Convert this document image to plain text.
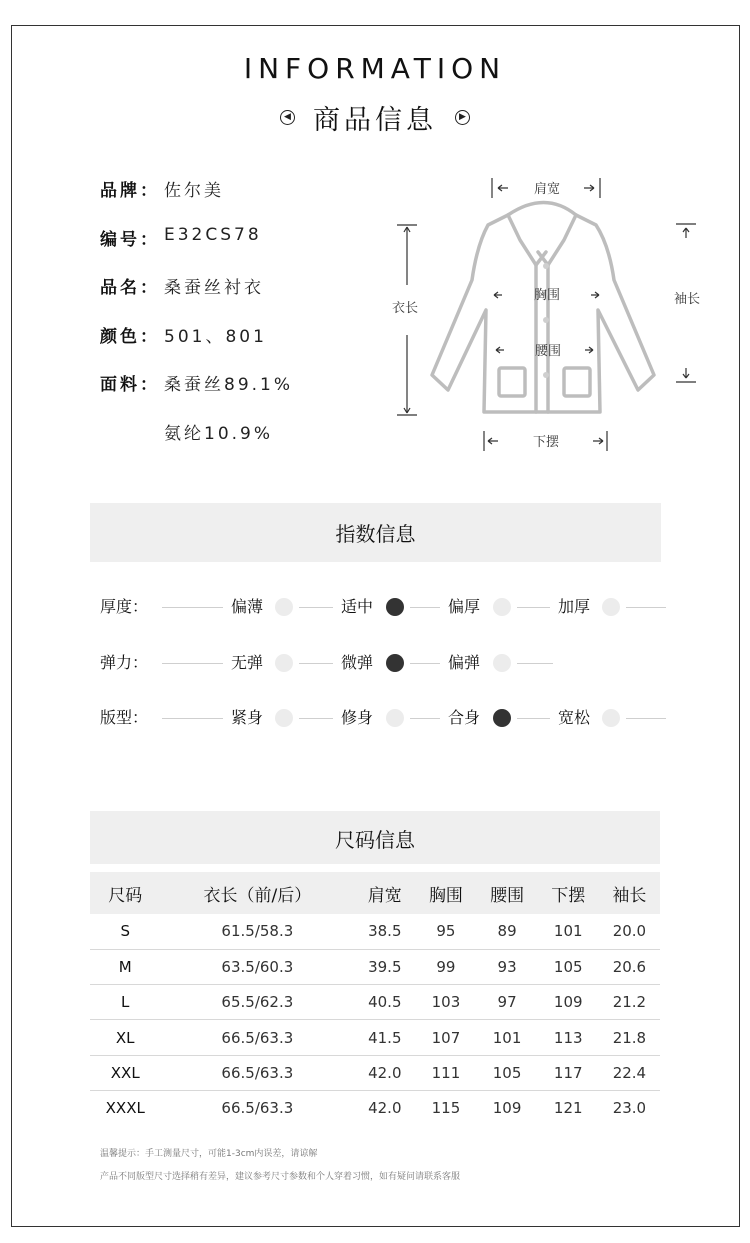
INFORMATION
◀ 商品信息	▶
品牌： 佐尔美
编号： E32CS78
品名： 桑蚕丝衬衣
颜色： 501、801
面料： 桑蚕丝89.1%
氨纶10.9%
肩宽
衣长
胸围
腰围
下摆
袖长
指数信息
厚度：	偏薄	适中	偏厚	加厚
弹力：	无弹	微弹	偏弹
版型：	紧身	修身	合身	宽松
尺码信息
尺码	衣长（前/后）	肩宽	胸围	腰围	下摆	袖长
S	61.5/58.3	38.5	95	89	101	20.0
M	63.5/60.3	39.5	99	93	105	20.6
L	65.5/62.3	40.5	103	97	109	21.2
XL	66.5/63.3	41.5	107	101	113	21.8
XXL	66.5/63.3	42.0	111	105	117	22.4
XXXL	66.5/63.3	42.0	115	109	121	23.0
温馨提示：手工测量尺寸，可能1-3cm内误差，请谅解
产品不同版型尺寸选择稍有差异，建议参考尺寸参数和个人穿着习惯，如有疑问请联系客服
